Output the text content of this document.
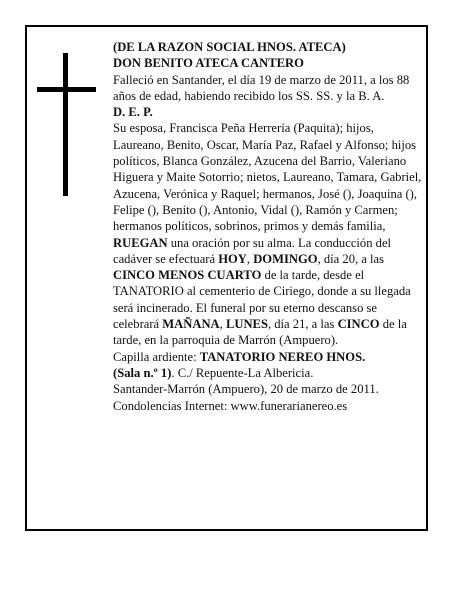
(DE LA RAZON SOCIAL HNOS. ATECA)

DON BENITO ATECA CANTERO

Falleció en Santander, el día 19 de marzo de 2011, a los 88 años de edad, habiendo recibido los SS. SS. y la B. A.

D. E. P.

Su esposa, Francisca Peña Herrería (Paquita); hijos, Laureano, Benito, Oscar, María Paz, Rafael y Alfonso; hijos políticos, Blanca González, Azucena del Barrio, Valeriano Higuera y Maite Sotorrio; nietos, Laureano, Tamara, Gabriel, Azucena, Verónica y Raquel; hermanos, José (), Joaquina (), Felipe (), Benito (), Antonio, Vidal (), Ramón y Carmen; hermanos políticos, sobrinos, primos y demás familia,

RUEGAN una oración por su alma. La conducción del cadáver se efectuará HOY, DOMINGO, día 20, a las CINCO MENOS CUARTO de la tarde, desde el TANATORIO al cementerio de Ciriego, donde a su llegada será incinerado. El funeral por su eterno descanso se celebrará MAÑANA, LUNES, día 21, a las CINCO de la tarde, en la parroquia de Marrón (Ampuero).

Capilla ardiente: TANATORIO NEREO HNOS.
(Sala n.º 1). C./ Repuente-La Albericia.

Santander-Marrón (Ampuero), 20 de marzo de 2011.

Condolencias Internet: www.funerarianereo.es
